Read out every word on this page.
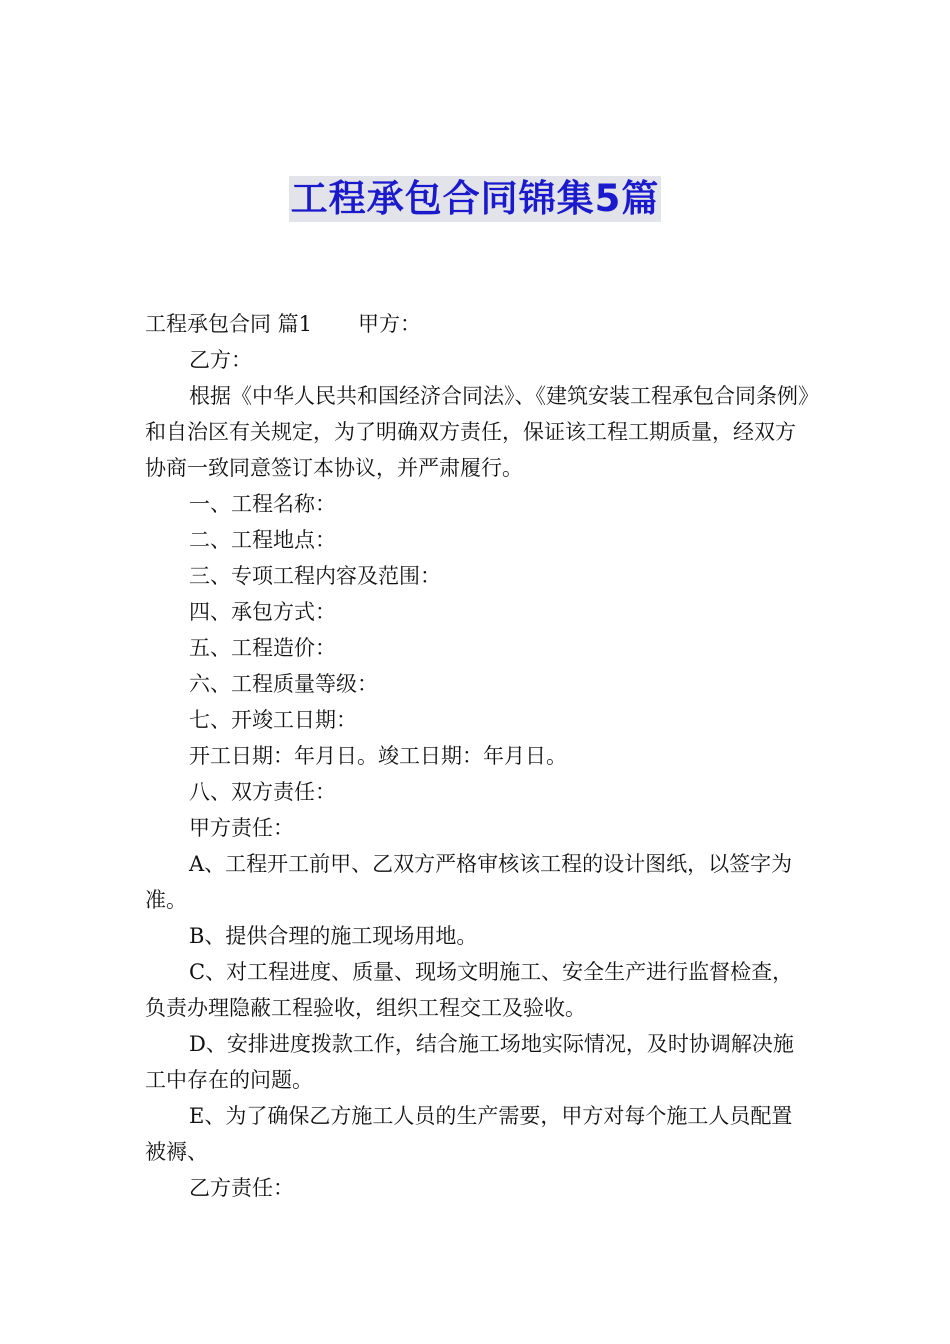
工程承包合同锦集5篇

工程承包合同 篇1 甲方：

乙方：

根据《中华人民共和国经济合同法》、《建筑安装工程承包合同条例》和自治区有关规定，为了明确双方责任，保证该工程工期质量，经双方协商一致同意签订本协议，并严肃履行。

一、工程名称：

二、工程地点：

三、专项工程内容及范围：

四、承包方式：

五、工程造价：

六、工程质量等级：

七、开竣工日期：

开工日期：年月日。竣工日期：年月日。

八、双方责任：

甲方责任：

A、工程开工前甲、乙双方严格审核该工程的设计图纸，以签字为准。

B、提供合理的施工现场用地。

C、对工程进度、质量、现场文明施工、安全生产进行监督检查，负责办理隐蔽工程验收，组织工程交工及验收。

D、安排进度拨款工作，结合施工场地实际情况，及时协调解决施工中存在的问题。

E、为了确保乙方施工人员的生产需要，甲方对每个施工人员配置被褥、

乙方责任：
